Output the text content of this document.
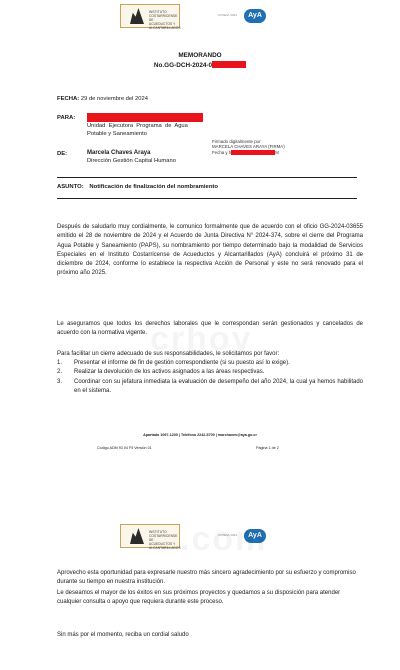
INSTITUTO COSTARRICENSE DE
ACUEDUCTOS Y ALCANTARILLADOS
COSEVI·2024	AyA
MEMORANDO
No.GG-DCH-2024-0
FECHA: 29 de noviembre del 2024
PARA:
Unidad  Ejecutora  Programa  de  Agua
Potable y Saneamiento
Firmado digitalmente por
MARCELA CHAVES ARAYA (FIRMA)
Fecha y h	M
DE:	Marcela Chaves Araya
Dirección Gestión Capital Humano
ASUNTO: Notificación de finalización del nombramiento
Después de saludarlo muy cordialmente, le comunico formalmente que de acuerdo con el oficio GG-2024-03655 emitido el 28 de noviembre de 2024 y el Acuerdo de Junta Directiva N° 2024-374, sobre el cierre del Programa Agua Potable y Saneamiento (PAPS), su nombramiento por tiempo determinado bajo la modalidad de Servicios Especiales en el Instituto Costarricense de Acueductos y Alcantarillados (AyA) concluirá el próximo 31 de diciembre de 2024, conforme lo establece la respectiva Acción de Personal y este no será renovado para el próximo año 2025.
Le aseguramos que todos los derechos laborales que le correspondan serán gestionados y cancelados de acuerdo con la normativa vigente.
Para facilitar un cierre adecuado de sus responsabilidades, le solicitamos por favor:
1. Presentar el informe de fin de gestión correspondiente (si su puesto así lo exige).
2. Realizar la devolución de los activos asignados a las áreas respectivas.
3. Coordinar con su jefatura inmediata la evaluación de desempeño del año 2024, la cual ya hemos habilitado en el sistema.
Apartado 1097-1200 | Teléfono 2242-5700 | marchaves@aya.go.cr
Código ADM 93 04 F5 Versión 01	Página 1 de 2
INSTITUTO COSTARRICENSE DE
ACUEDUCTOS Y ALCANTARILLADOS
COSEVI·2024	AyA
Aprovecho esta oportunidad para expresarle nuestro más sincero agradecimiento por su esfuerzo y compromiso durante su tiempo en nuestra institución.
Le deseamos el mayor de los éxitos en sus próximos proyectos y quedamos a su disposición para atender cualquier consulta o apoyo que requiera durante este proceso.
Sin más por el momento, reciba un cordial saludo
